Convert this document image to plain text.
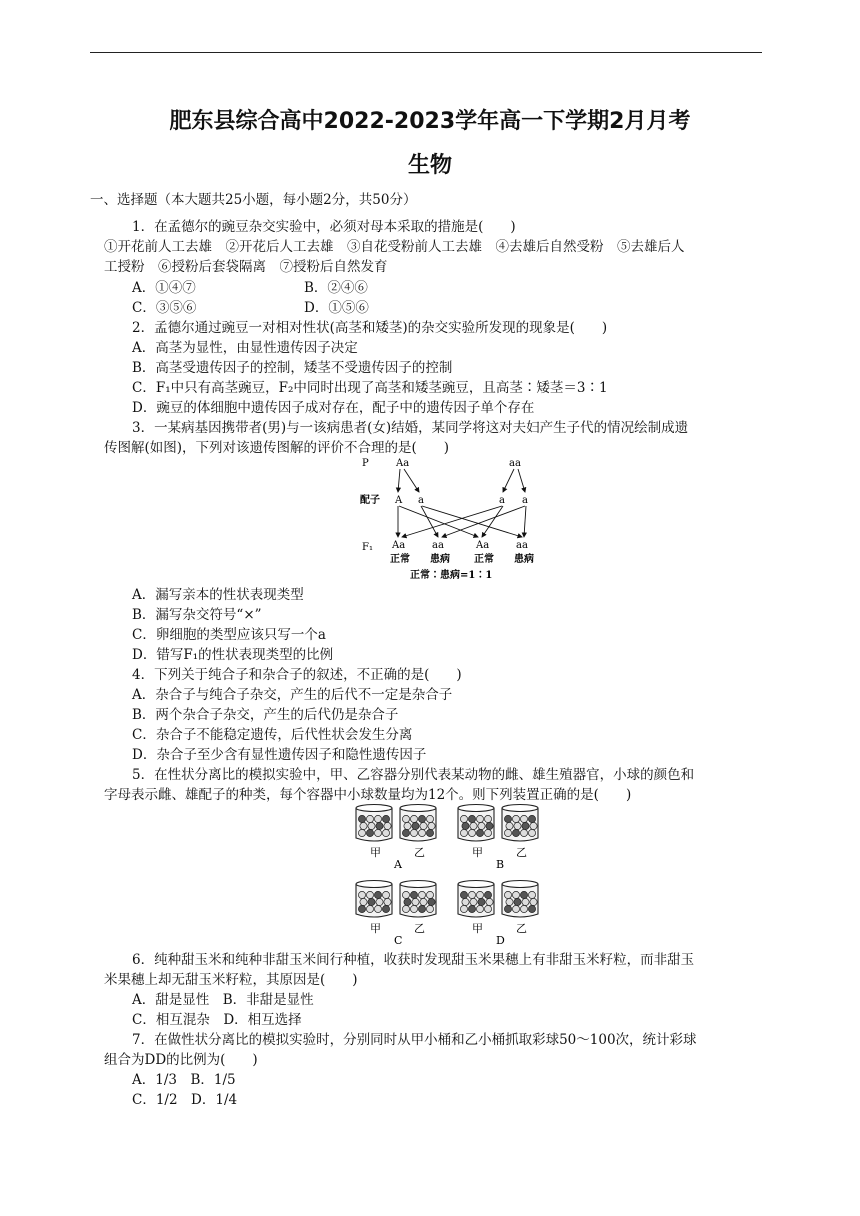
肥东县综合高中2022-2023学年高一下学期2月月考
生物
一、选择题（本大题共25小题，每小题2分，共50分）
1．在孟德尔的豌豆杂交实验中，必须对母本采取的措施是(　　)
①开花前人工去雄　②开花后人工去雄　③自花受粉前人工去雄　④去雄后自然受粉　⑤去雄后人
工授粉　⑥授粉后套袋隔离　⑦授粉后自然发育
A．①④⑦	B．②④⑥
C．③⑤⑥	D．①⑤⑥
2．孟德尔通过豌豆一对相对性状(高茎和矮茎)的杂交实验所发现的现象是(　　)
A．高茎为显性，由显性遗传因子决定
B．高茎受遗传因子的控制，矮茎不受遗传因子的控制
C．F₁中只有高茎豌豆，F₂中同时出现了高茎和矮茎豌豆，且高茎∶矮茎＝3∶1
D．豌豆的体细胞中遗传因子成对存在，配子中的遗传因子单个存在
3．一某病基因携带者(男)与一该病患者(女)结婚，某同学将这对夫妇产生子代的情况绘制成遗
传图解(如图)，下列对该遗传图解的评价不合理的是(　　)
P	Aa	aa
配子 A a	a a
F₁ Aa	aa	Aa	aa
正常 患病 正常 患病
正常∶患病=1∶1
A．漏写亲本的性状表现类型
B．漏写杂交符号“×”
C．卵细胞的类型应该只写一个a
D．错写F₁的性状表现类型的比例
4．下列关于纯合子和杂合子的叙述，不正确的是(　　)
A．杂合子与纯合子杂交，产生的后代不一定是杂合子
B．两个杂合子杂交，产生的后代仍是杂合子
C．杂合子不能稳定遗传，后代性状会发生分离
D．杂合子至少含有显性遗传因子和隐性遗传因子
5．在性状分离比的模拟实验中，甲、乙容器分别代表某动物的雌、雄生殖器官，小球的颜色和
字母表示雌、雄配子的种类，每个容器中小球数量均为12个。则下列装置正确的是(　　)
A	B
C	D
甲	乙	甲	乙
甲	乙	甲	乙
6．纯种甜玉米和纯种非甜玉米间行种植，收获时发现甜玉米果穗上有非甜玉米籽粒，而非甜玉
米果穗上却无甜玉米籽粒，其原因是(　　)
A．甜是显性　B．非甜是显性
C．相互混杂　D．相互选择
7．在做性状分离比的模拟实验时，分别同时从甲小桶和乙小桶抓取彩球50～100次，统计彩球
组合为DD的比例为(　　)
A．1/3　B．1/5
C．1/2　D．1/4
